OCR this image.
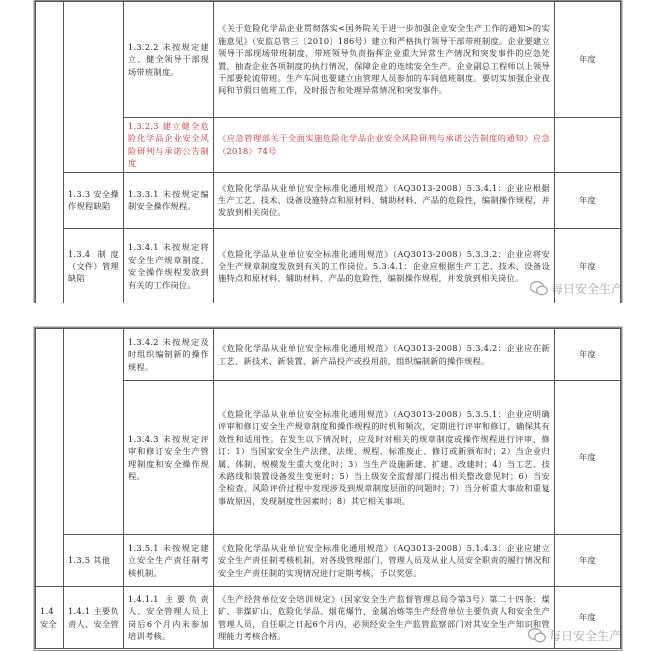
		1.3.2.2 未按规定建立、健全领导干部现场带班制度。	《关于危险化学品企业贯彻落实<国务院关于进一步加强企业安全生产工作的通知>的实施意见》（安监总管三〔2010〕186号）建立和严格执行领导干部带班制度。企业要建立领导干部现场带班制度，带班领导负责指挥企业重大异常生产情况和突发事件的应急处置，抽查企业各项制度的执行情况，保障企业的连续安全生产。企业副总工程师以上领导干部要轮流带班。生产车间也要建立由管理人员参加的车间值班制度。要切实加强企业夜间和节假日值班工作，及时报告和处理异常情况和突发事件。	年度
		1.3.2.3 建立健全危险化学品企业安全风险研判与承诺公告制度	《应急管理部关于全面实施危险化学品企业安全风险研判与承诺公告制度的通知》应急（2018）74号	
	1.3.3 安全操作规程缺陷	1.3.3.1 未按规定编制安全操作规程。	《危险化学品从业单位安全标准化通用规范》（AQ3013-2008）5.3.4.1：企业应根据生产工艺、技术、设备设施特点和原材料、辅助材料、产品的危险性，编制操作规程，并发放到相关岗位。	年度
	1.3.4 制度（文件）管理缺陷	1.3.4.1 未按规定将安全生产规章制度、安全操作规程发放到有关的工作岗位。	《危险化学品从业单位安全标准化通用规范》（AQ3013-2008）5.3.3.2：企业应将安全生产规章制度发放到有关的工作岗位。5.3.4.1：企业应根据生产工艺、技术、设备设施特点和原材料、辅助材料、产品的危险性，编制操作规程，并发放到相关岗位。	年度
		1.3.4.2 未按规定及时组织编制新的操作规程。	《危险化学品从业单位安全标准化通用规范》（AQ3013-2008）5.3.4.2：企业应在新工艺、新技术、新装置、新产品投产或投用前，组织编制新的操作规程。	年度
		1.3.4.3 未按规定评审和修订安全生产管理制度和安全操作规程。	《危险化学品从业单位安全标准化通用规范》（AQ3013-2008）5.3.5.1：企业应明确评审和修订安全生产规章制度和操作规程的时机和频次，定期进行评审和修订，确保其有效性和适用性。在发生以下情况时，应及时对相关的规章制度或操作规程进行评审、修订：1）当国家安全生产法律、法规、规程、标准废止、修订或新颁布时；2）当企业归属、体制、规模发生重大变化时；3）当生产设施新建、扩建、改建时；4）当工艺、技术路线和装置设备发生变更时；5）当上级安全监督部门提出相关整改意见时；6）当安全检查、风险评价过程中发现涉及到规章制度层面的问题时；7）当分析重大事故和重复事故原因，发现制度性因素时；8）其它相关事项。	年度
	1.3.5 其他	1.3.5.1 未按规定建立安全生产责任制考核机制。	《危险化学品从业单位安全标准化通用规范》（AQ3013-2008）5.1.4.3：企业应建立安全生产责任制考核机制，对各级管理部门、管理人员及从业人员安全职责的履行情况和安全生产责任制的实现情况进行定期考核，予以奖惩。	年度
1.4 安全	1.4.1 主要负责人、安全管	1.4.1.1 主要负责人、安全管理人员上岗后6个月内未参加培训考核。	《生产经营单位安全培训规定》（国家安全生产监督管理总局令第3号）第二十四条：煤矿、非煤矿山、危险化学品、烟花爆竹、金属冶炼等生产经营单位主要负责人和安全生产管理人员，自任职之日起6个月内，必须经安全生产监管监察部门对其安全生产知识和管理能力考核合格。	年度
每日安全生产
每日安全生产
